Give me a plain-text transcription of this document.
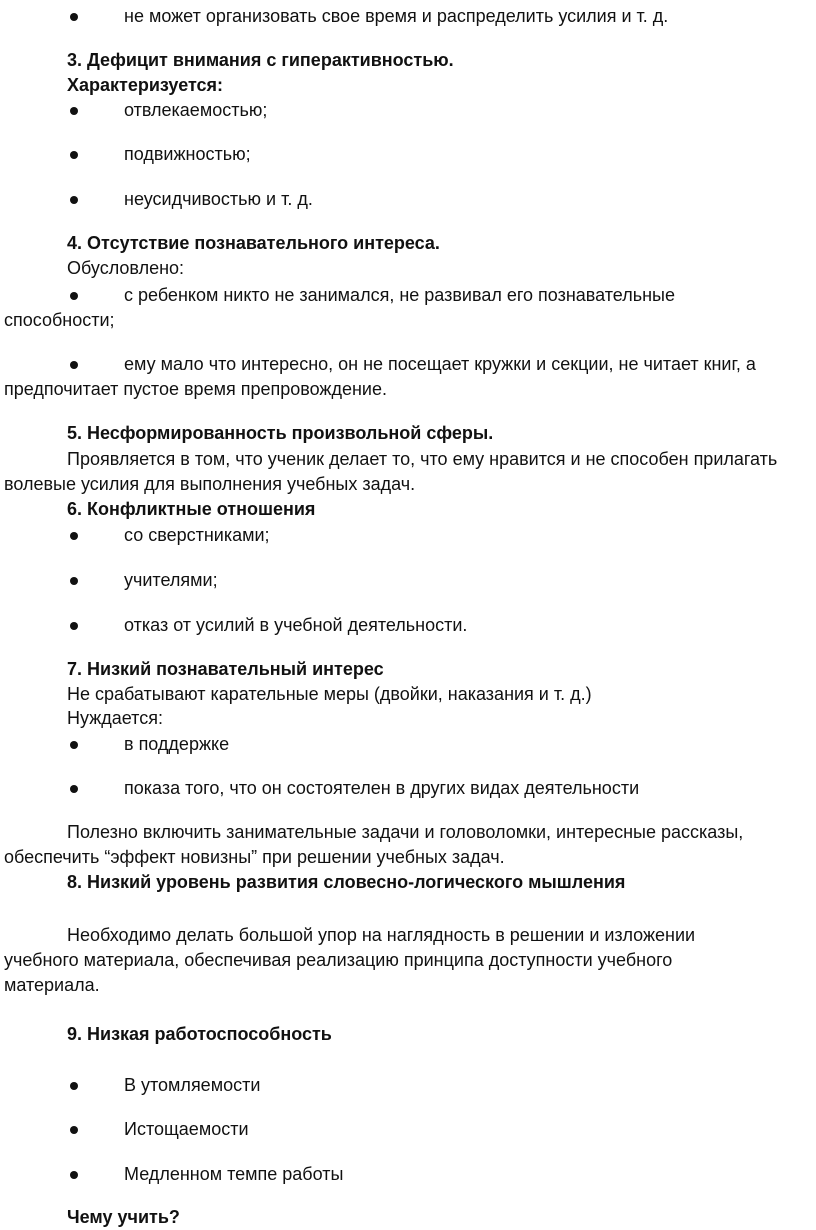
не может организовать свое время и распределить усилия и т. д.
3. Дефицит внимания с гиперактивностью.
Характеризуется:
отвлекаемостью;
подвижностью;
неусидчивостью и т. д.
4. Отсутствие познавательного интереса.
Обусловлено:
с ребенком никто не занимался, не развивал его познавательные
способности;
ему мало что интересно, он не посещает кружки и секции, не читает книг, а
предпочитает пустое время препровождение.
5. Несформированность произвольной сферы.
Проявляется в том, что ученик делает то, что ему нравится и не способен прилагать
волевые усилия для выполнения учебных задач.
6. Конфликтные отношения
со сверстниками;
учителями;
отказ от усилий в учебной деятельности.
7. Низкий познавательный интерес
Не срабатывают карательные меры (двойки, наказания и т. д.)
Нуждается:
в поддержке
показа того, что он состоятелен в других видах деятельности
Полезно включить занимательные задачи и головоломки, интересные рассказы,
обеспечить “эффект новизны” при решении учебных задач.
8. Низкий уровень развития словесно-логического мышления
Необходимо делать большой упор на наглядность в решении и изложении
учебного материала, обеспечивая реализацию принципа доступности учебного
материала.
9. Низкая работоспособность
В утомляемости
Истощаемости
Медленном темпе работы
Чему учить?
